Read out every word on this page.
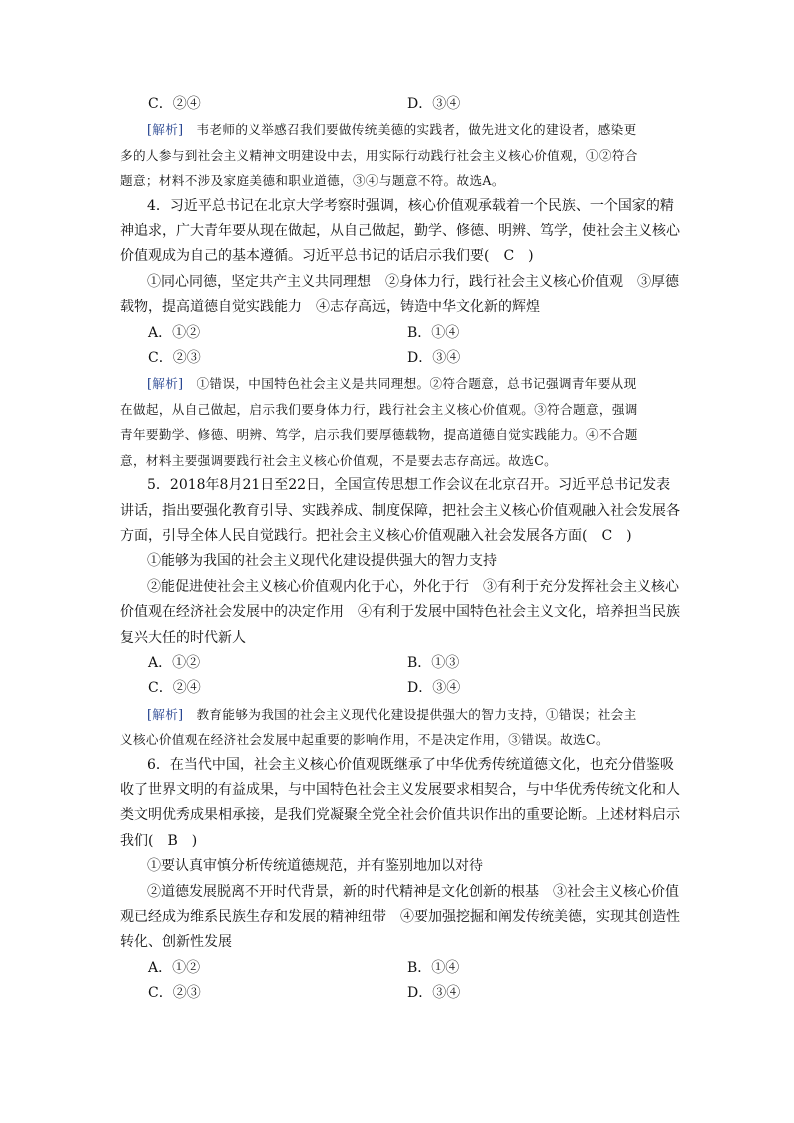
C．②④	D．③④
[解析] 韦老师的义举感召我们要做传统美德的实践者，做先进文化的建设者，感染更
多的人参与到社会主义精神文明建设中去，用实际行动践行社会主义核心价值观，①②符合
题意；材料不涉及家庭美德和职业道德，③④与题意不符。故选A。
4．习近平总书记在北京大学考察时强调，核心价值观承载着一个民族、一个国家的精
神追求，广大青年要从现在做起，从自己做起，勤学、修德、明辨、笃学，使社会主义核心
价值观成为自己的基本遵循。习近平总书记的话启示我们要(　C　)
①同心同德，坚定共产主义共同理想　②身体力行，践行社会主义核心价值观　③厚德
载物，提高道德自觉实践能力　④志存高远，铸造中华文化新的辉煌
A．①②	B．①④
C．②③	D．③④
[解析] ①错误，中国特色社会主义是共同理想。②符合题意，总书记强调青年要从现
在做起，从自己做起，启示我们要身体力行，践行社会主义核心价值观。③符合题意，强调
青年要勤学、修德、明辨、笃学，启示我们要厚德载物，提高道德自觉实践能力。④不合题
意，材料主要强调要践行社会主义核心价值观，不是要去志存高远。故选C。
5．2018年8月21日至22日，全国宣传思想工作会议在北京召开。习近平总书记发表
讲话，指出要强化教育引导、实践养成、制度保障，把社会主义核心价值观融入社会发展各
方面，引导全体人民自觉践行。把社会主义核心价值观融入社会发展各方面(　C　)
①能够为我国的社会主义现代化建设提供强大的智力支持
②能促进使社会主义核心价值观内化于心，外化于行　③有利于充分发挥社会主义核心
价值观在经济社会发展中的决定作用　④有利于发展中国特色社会主义文化，培养担当民族
复兴大任的时代新人
A．①②	B．①③
C．②④	D．③④
[解析] 教育能够为我国的社会主义现代化建设提供强大的智力支持，①错误；社会主
义核心价值观在经济社会发展中起重要的影响作用，不是决定作用，③错误。故选C。
6．在当代中国，社会主义核心价值观既继承了中华优秀传统道德文化，也充分借鉴吸
收了世界文明的有益成果，与中国特色社会主义发展要求相契合，与中华优秀传统文化和人
类文明优秀成果相承接，是我们党凝聚全党全社会价值共识作出的重要论断。上述材料启示
我们(　B　)
①要认真审慎分析传统道德规范，并有鉴别地加以对待
②道德发展脱离不开时代背景，新的时代精神是文化创新的根基　③社会主义核心价值
观已经成为维系民族生存和发展的精神纽带　④要加强挖掘和阐发传统美德，实现其创造性
转化、创新性发展
A．①②	B．①④
C．②③	D．③④
